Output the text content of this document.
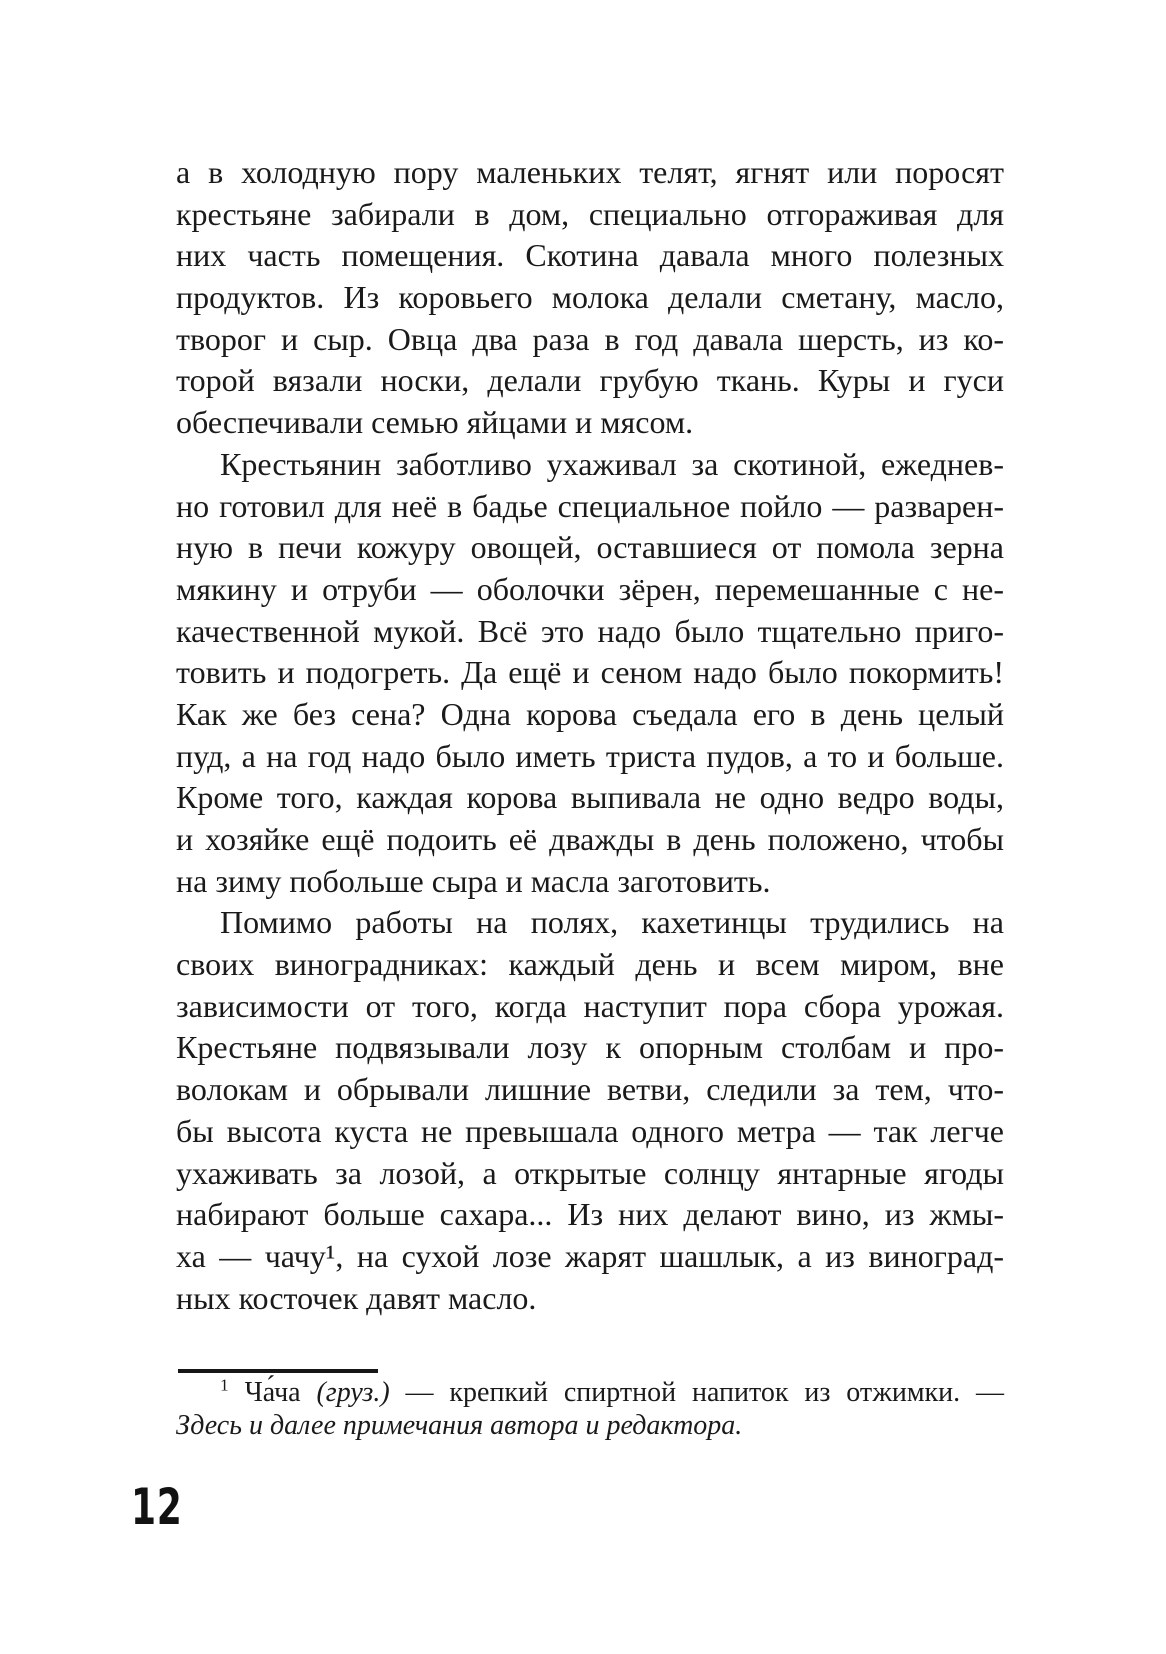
а в холодную пору маленьких телят, ягнят или поросят
крестьяне забирали в дом, специально отгораживая для
них часть помещения. Скотина давала много полезных
продуктов. Из коровьего молока делали сметану, масло,
творог и сыр. Овца два раза в год давала шерсть, из ко-
торой вязали носки, делали грубую ткань. Куры и гуси
обеспечивали семью яйцами и мясом.
Крестьянин заботливо ухаживал за скотиной, ежеднев-
но готовил для неё в бадье специальное пойло — разварен-
ную в печи кожуру овощей, оставшиеся от помола зерна
мякину и отруби — оболочки зёрен, перемешанные с не-
качественной мукой. Всё это надо было тщательно приго-
товить и подогреть. Да ещё и сеном надо было покормить!
Как же без сена? Одна корова съедала его в день целый
пуд, а на год надо было иметь триста пудов, а то и больше.
Кроме того, каждая корова выпивала не одно ведро воды,
и хозяйке ещё подоить её дважды в день положено, чтобы
на зиму побольше сыра и масла заготовить.
Помимо работы на полях, кахетинцы трудились на
своих виноградниках: каждый день и всем миром, вне
зависимости от того, когда наступит пора сбора урожая.
Крестьяне подвязывали лозу к опорным столбам и про-
волокам и обрывали лишние ветви, следили за тем, что-
бы высота куста не превышала одного метра — так легче
ухаживать за лозой, а открытые солнцу янтарные ягоды
набирают больше сахара... Из них делают вино, из жмы-
ха — чачу¹, на сухой лозе жарят шашлык, а из виноград-
ных косточек давят масло.
$^1$ Ча́ча (груз.) — крепкий спиртной напиток из отжимки. —
Здесь и далее примечания автора и редактора.
12
